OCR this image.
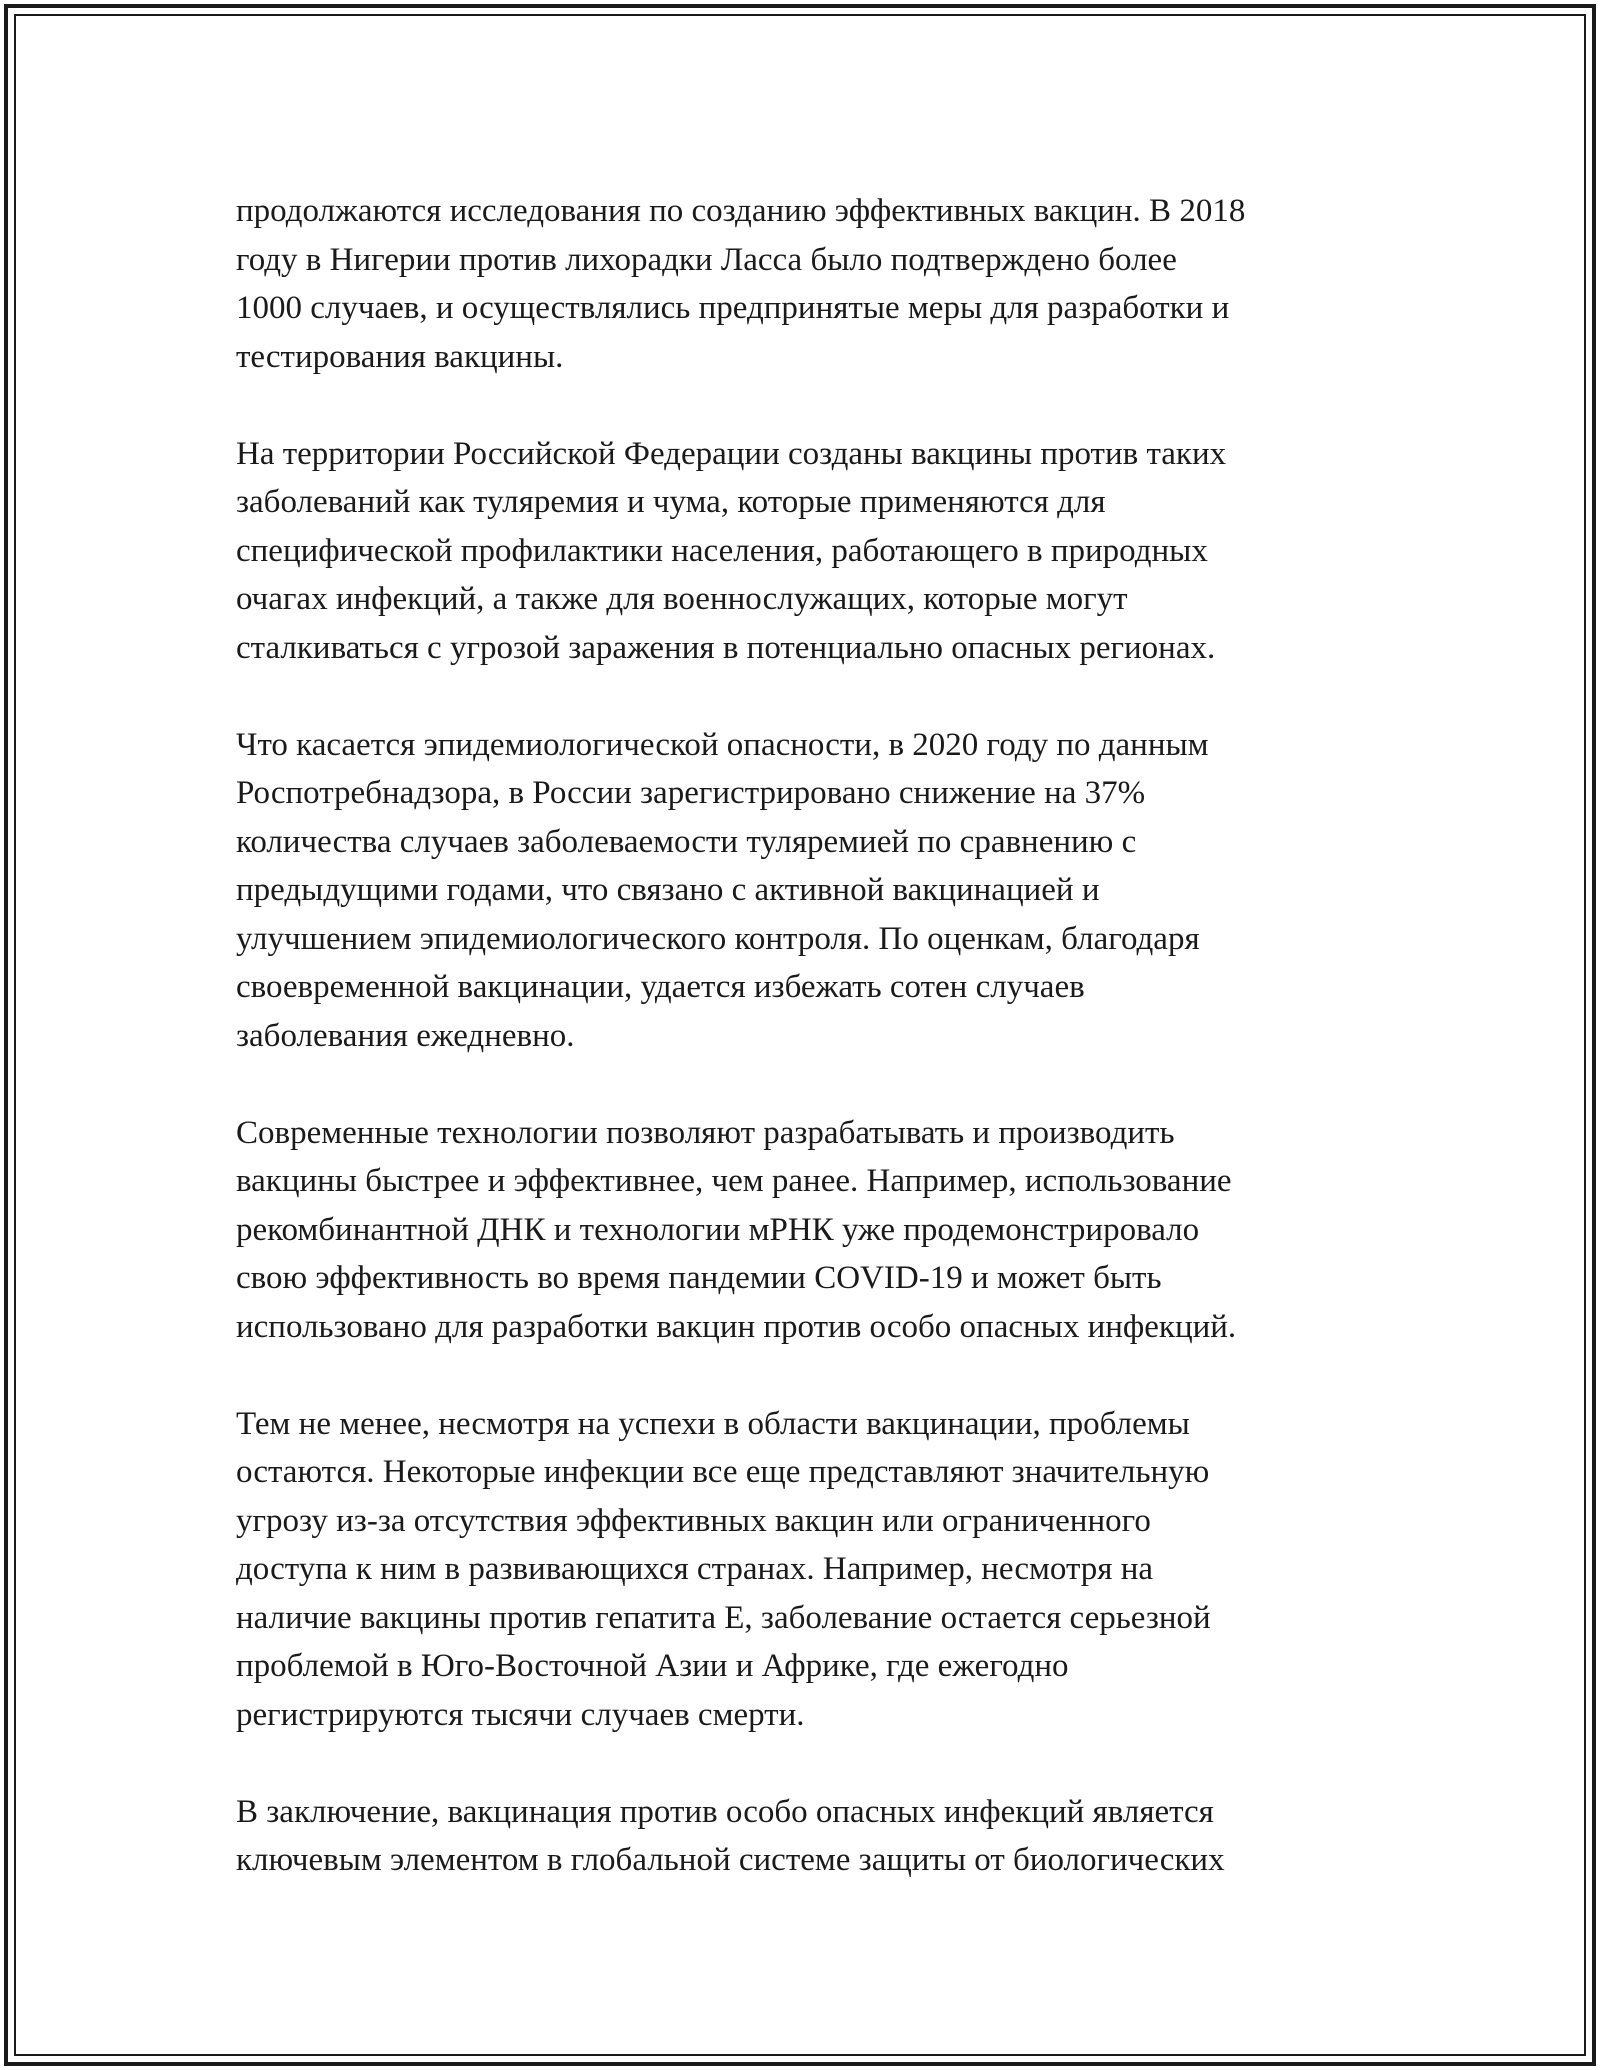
продолжаются исследования по созданию эффективных вакцин. В 2018
году в Нигерии против лихорадки Ласса было подтверждено более
1000 случаев, и осуществлялись предпринятые меры для разработки и
тестирования вакцины.

На территории Российской Федерации созданы вакцины против таких
заболеваний как туляремия и чума, которые применяются для
специфической профилактики населения, работающего в природных
очагах инфекций, а также для военнослужащих, которые могут
сталкиваться с угрозой заражения в потенциально опасных регионах.

Что касается эпидемиологической опасности, в 2020 году по данным
Роспотребнадзора, в России зарегистрировано снижение на 37%
количества случаев заболеваемости туляремией по сравнению с
предыдущими годами, что связано с активной вакцинацией и
улучшением эпидемиологического контроля. По оценкам, благодаря
своевременной вакцинации, удается избежать сотен случаев
заболевания ежедневно.

Современные технологии позволяют разрабатывать и производить
вакцины быстрее и эффективнее, чем ранее. Например, использование
рекомбинантной ДНК и технологии мРНК уже продемонстрировало
свою эффективность во время пандемии COVID-19 и может быть
использовано для разработки вакцин против особо опасных инфекций.

Тем не менее, несмотря на успехи в области вакцинации, проблемы
остаются. Некоторые инфекции все еще представляют значительную
угрозу из-за отсутствия эффективных вакцин или ограниченного
доступа к ним в развивающихся странах. Например, несмотря на
наличие вакцины против гепатита Е, заболевание остается серьезной
проблемой в Юго-Восточной Азии и Африке, где ежегодно
регистрируются тысячи случаев смерти.

В заключение, вакцинация против особо опасных инфекций является
ключевым элементом в глобальной системе защиты от биологических
